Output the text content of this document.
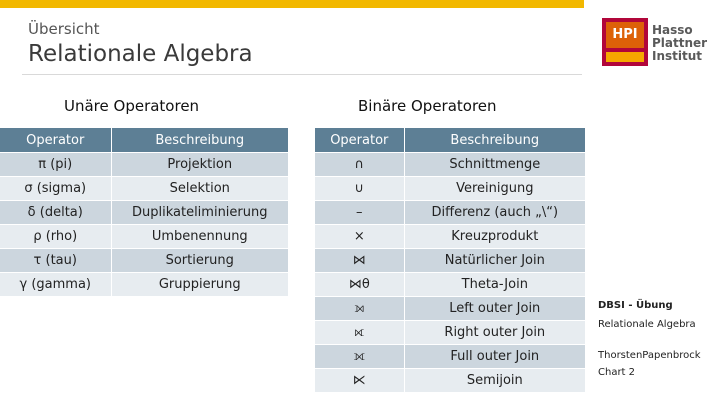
Übersicht
Relationale Algebra
HPI	Hasso
Plattner
Institut
Unäre Operatoren	Binäre Operatoren
Operator	Beschreibung
π (pi)	Projektion
σ (sigma)	Selektion
δ (delta)	Duplikateliminierung
ρ (rho)	Umbenennung
τ (tau)	Sortierung
γ (gamma)	Gruppierung
Operator	Beschreibung
∩	Schnittmenge
∪	Vereinigung
–	Differenz (auch „\“)
×	Kreuzprodukt
⋈	Natürlicher Join
⋈θ	Theta-Join
⟕	Left outer Join
⟖	Right outer Join
⟗	Full outer Join
⋉	Semijoin
DBSI - Übung
Relationale Algebra
ThorstenPapenbrock
Chart 2
